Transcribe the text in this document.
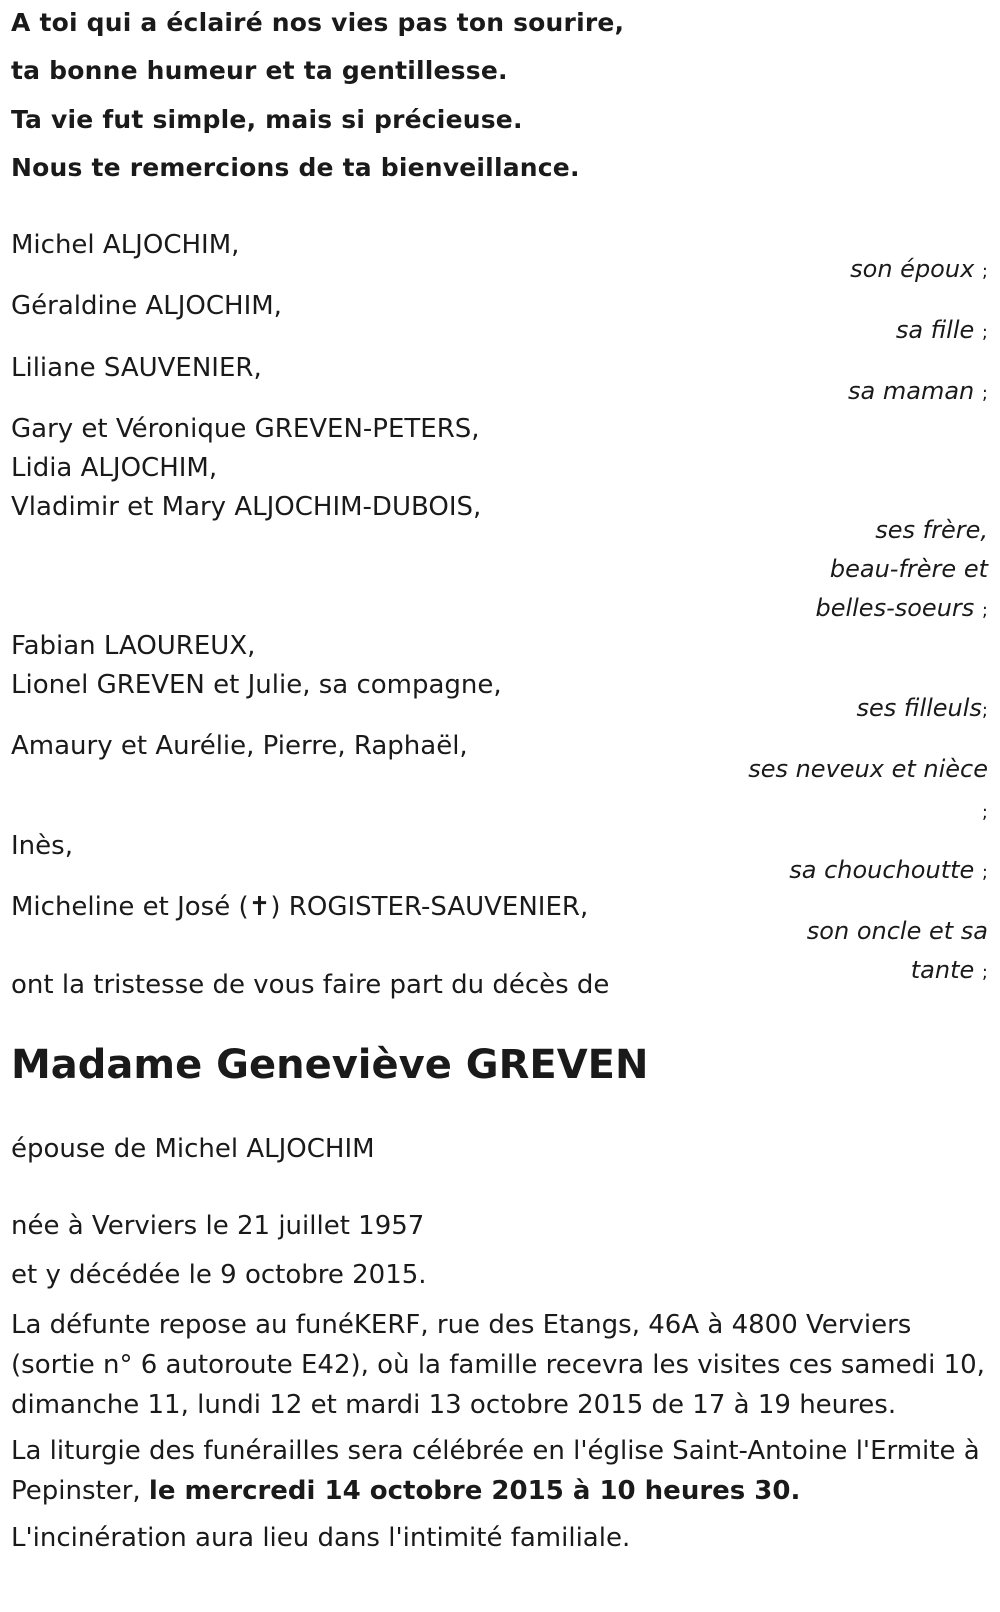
A toi qui a éclairé nos vies pas ton sourire,
ta bonne humeur et ta gentillesse.
Ta vie fut simple, mais si précieuse.
Nous te remercions de ta bienveillance.
Michel ALJOCHIM,
Géraldine ALJOCHIM,
Liliane SAUVENIER,
Gary et Véronique GREVEN-PETERS,
Lidia ALJOCHIM,
Vladimir et Mary ALJOCHIM-DUBOIS,
Fabian LAOUREUX,
Lionel GREVEN et Julie, sa compagne,
Amaury et Aurélie, Pierre, Raphaël,
Inès,
Micheline et José (✝) ROGISTER-SAUVENIER,
son époux ;
sa fille ;
sa maman ;
ses frère,
beau-frère et
belles-soeurs ;
ses filleuls;
ses neveux et nièce
;
sa chouchoutte ;
son oncle et sa
tante ;
ont la tristesse de vous faire part du décès de
Madame Geneviève GREVEN
épouse de Michel ALJOCHIM
née à Verviers le 21 juillet 1957
et y décédée le 9 octobre 2015.
La défunte repose au funéKERF, rue des Etangs, 46A à 4800 Verviers (sortie n° 6 autoroute E42), où la famille recevra les visites ces samedi 10, dimanche 11, lundi 12 et mardi 13 octobre 2015 de 17 à 19 heures.
La liturgie des funérailles sera célébrée en l'église Saint-Antoine l'Ermite à Pepinster, le mercredi 14 octobre 2015 à 10 heures 30.
L'incinération aura lieu dans l'intimité familiale.
